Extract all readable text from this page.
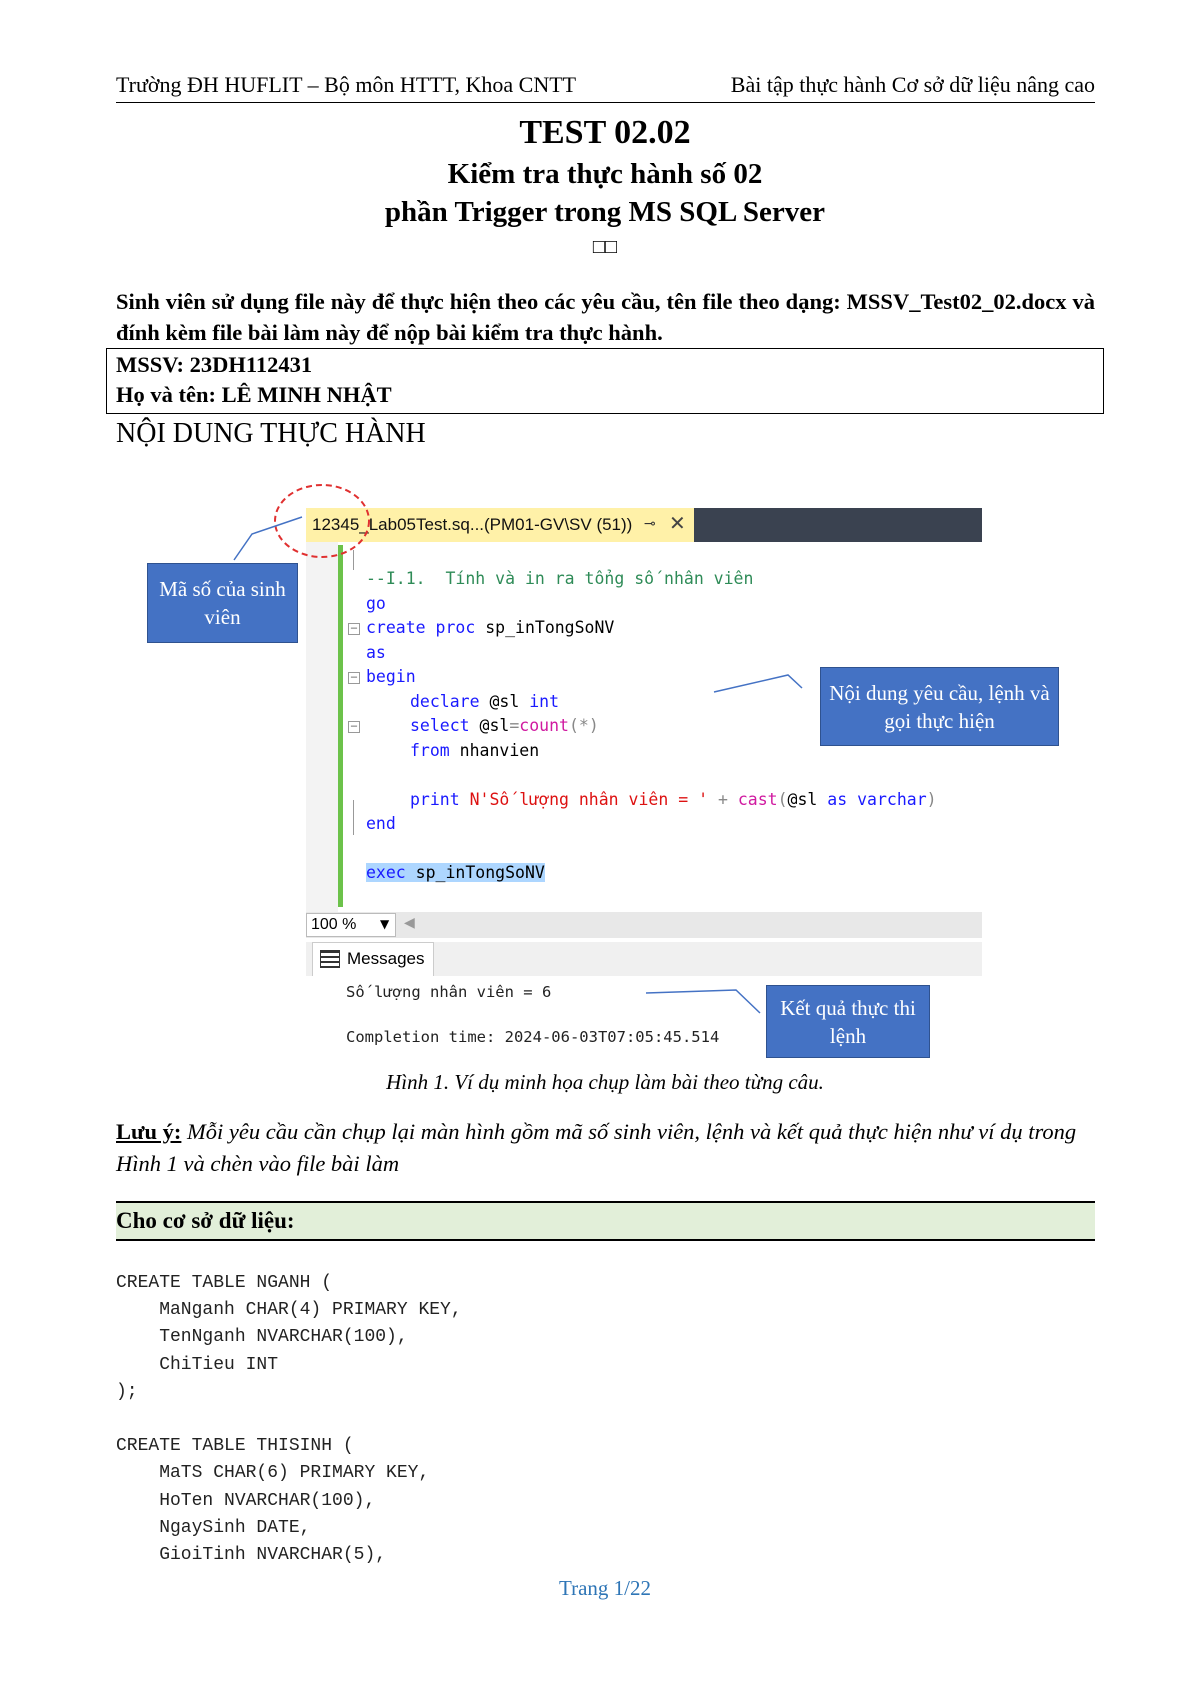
Trường ĐH HUFLIT – Bộ môn HTTT, Khoa CNTT	Bài tập thực hành Cơ sở dữ liệu nâng cao
TEST 02.02
Kiểm tra thực hành số 02
phần Trigger trong MS SQL Server
□□
Sinh viên sử dụng file này để thực hiện theo các yêu cầu, tên file theo dạng: MSSV_Test02_02.docx và đính kèm file bài làm này để nộp bài kiểm tra thực hành.
MSSV: 23DH112431
Họ và tên: LÊ MINH NHẬT
NỘI DUNG THỰC HÀNH
12345_Lab05Test.sq...(PM01-GV\SV (51)) ⊸ ✕
−
−
−
--I.1.  Tính và in ra tổng số nhân viên
go
create proc sp_inTongSoNV
as
begin
declare @sl int
select @sl=count(*)
from nhanvien
print N'Số lượng nhân viên = ' + cast(@sl as varchar)
end
exec sp_inTongSoNV
100 %	▼ ◀
Messages
Số lượng nhân viên = 6
Completion time: 2024-06-03T07:05:45.514
Mã số của sinh viên
Nội dung yêu cầu, lệnh và gọi thực hiện
Kết quả thực thi lệnh
Hình 1. Ví dụ minh họa chụp làm bài theo từng câu.
Lưu ý: Mỗi yêu cầu cần chụp lại màn hình gồm mã số sinh viên, lệnh và kết quả thực hiện như ví dụ trong Hình 1 và chèn vào file bài làm
Cho cơ sở dữ liệu:
CREATE TABLE NGANH (
MaNganh CHAR(4) PRIMARY KEY,
TenNganh NVARCHAR(100),
ChiTieu INT
);

CREATE TABLE THISINH (
MaTS CHAR(6) PRIMARY KEY,
HoTen NVARCHAR(100),
NgaySinh DATE,
GioiTinh NVARCHAR(5),
Trang 1/22
